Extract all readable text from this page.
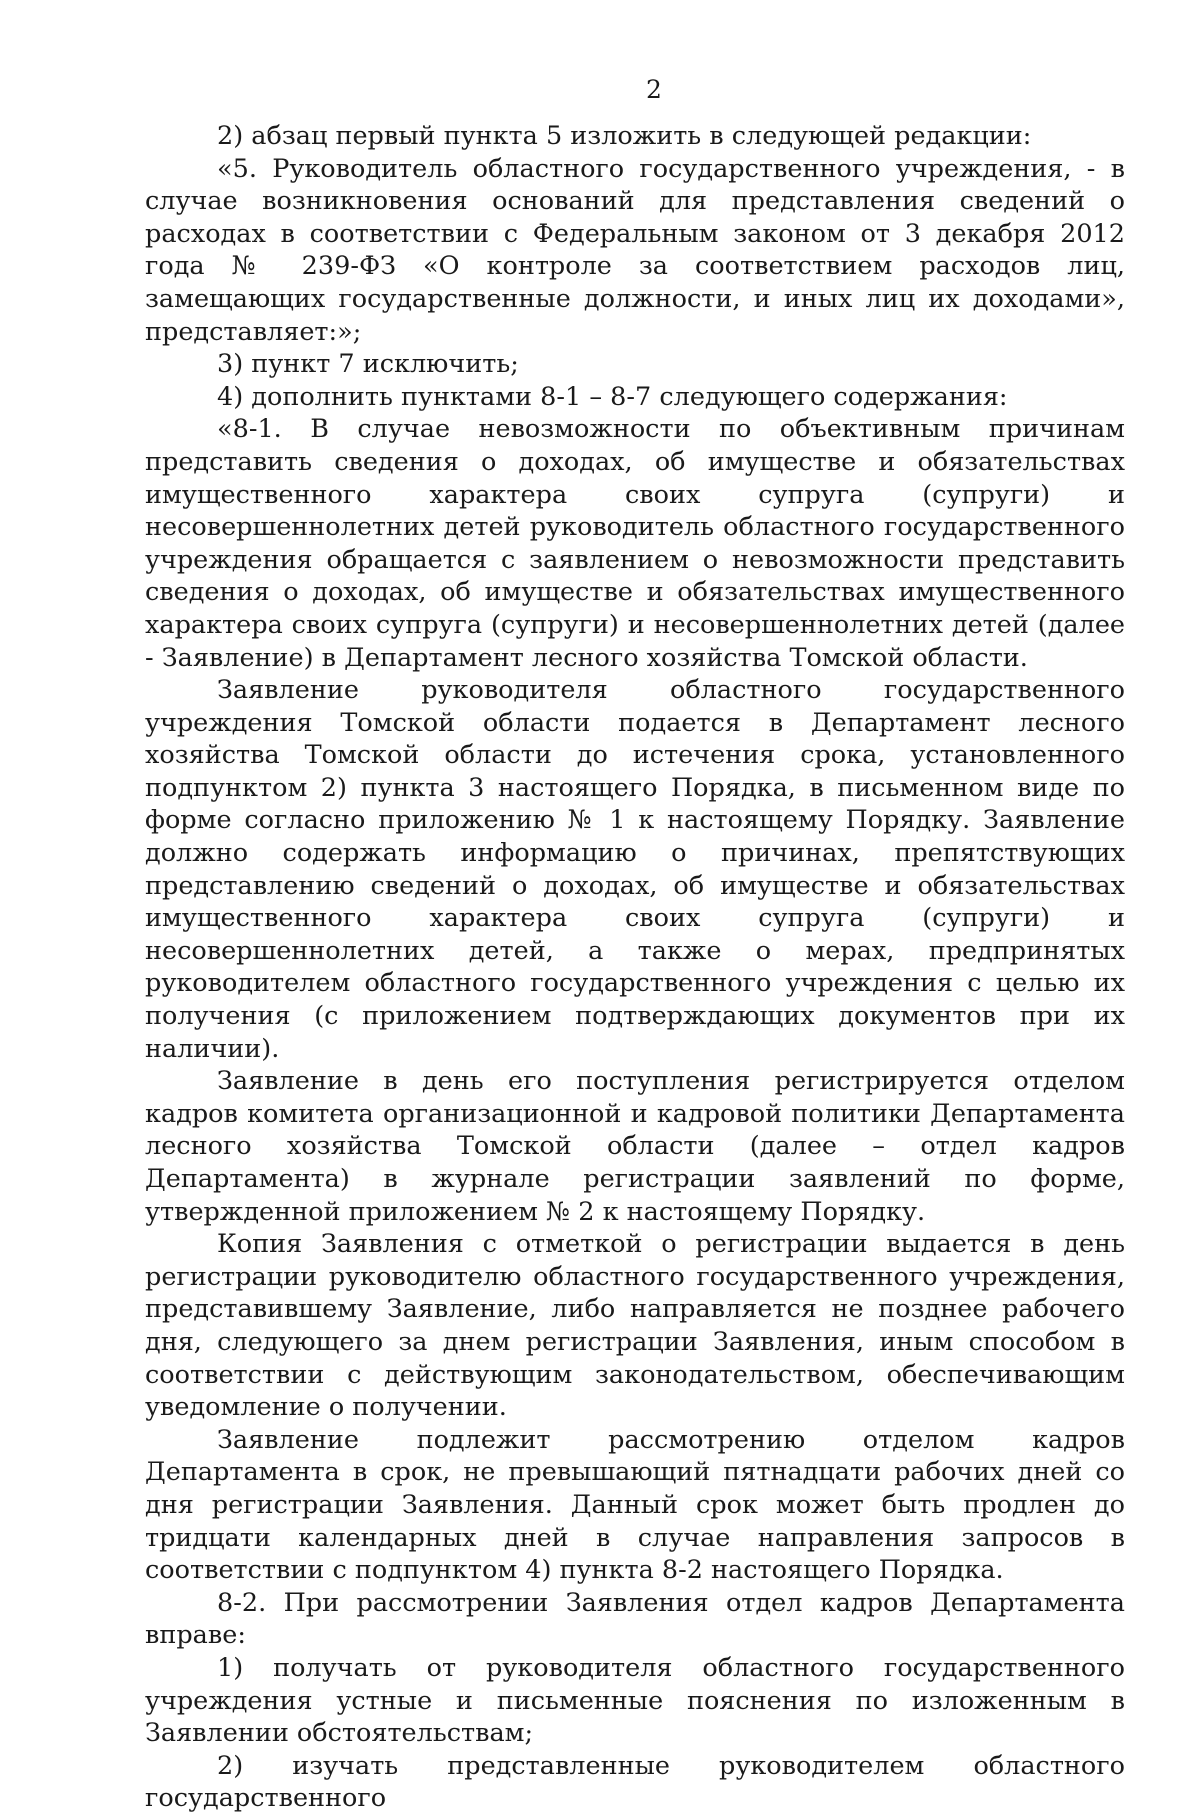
2

2) абзац первый пункта 5 изложить в следующей редакции:

«5. Руководитель областного государственного учреждения, - в случае возникновения оснований для представления сведений о расходах в соответствии с Федеральным законом от 3 декабря 2012 года № 239-ФЗ «О контроле за соответствием расходов лиц, замещающих государственные должности, и иных лиц их доходами», представляет:»;

3) пункт 7 исключить;

4) дополнить пунктами 8-1 – 8-7 следующего содержания:

«8-1. В случае невозможности по объективным причинам представить сведения о доходах, об имуществе и обязательствах имущественного характера своих супруга (супруги) и несовершеннолетних детей руководитель областного государственного учреждения обращается с заявлением о невозможности представить сведения о доходах, об имуществе и обязательствах имущественного характера своих супруга (супруги) и несовершеннолетних детей (далее - Заявление) в Департамент лесного хозяйства Томской области.

Заявление руководителя областного государственного учреждения Томской области подается в Департамент лесного хозяйства Томской области до истечения срока, установленного подпунктом 2) пункта 3 настоящего Порядка, в письменном виде по форме согласно приложению № 1 к настоящему Порядку. Заявление должно содержать информацию о причинах, препятствующих представлению сведений о доходах, об имуществе и обязательствах имущественного характера своих супруга (супруги) и несовершеннолетних детей, а также о мерах, предпринятых руководителем областного государственного учреждения с целью их получения (с приложением подтверждающих документов при их наличии).

Заявление в день его поступления регистрируется отделом кадров комитета организационной и кадровой политики Департамента лесного хозяйства Томской области (далее – отдел кадров Департамента) в журнале регистрации заявлений по форме, утвержденной приложением № 2 к настоящему Порядку.

Копия Заявления с отметкой о регистрации выдается в день регистрации руководителю областного государственного учреждения, представившему Заявление, либо направляется не позднее рабочего дня, следующего за днем регистрации Заявления, иным способом в соответствии с действующим законодательством, обеспечивающим уведомление о получении.

Заявление подлежит рассмотрению отделом кадров Департамента в срок, не превышающий пятнадцати рабочих дней со дня регистрации Заявления. Данный срок может быть продлен до тридцати календарных дней в случае направления запросов в соответствии с подпунктом 4) пункта 8-2 настоящего Порядка.

8-2. При рассмотрении Заявления отдел кадров Департамента вправе:

1) получать от руководителя областного государственного учреждения устные и письменные пояснения по изложенным в Заявлении обстоятельствам;

2) изучать представленные руководителем областного государственного
